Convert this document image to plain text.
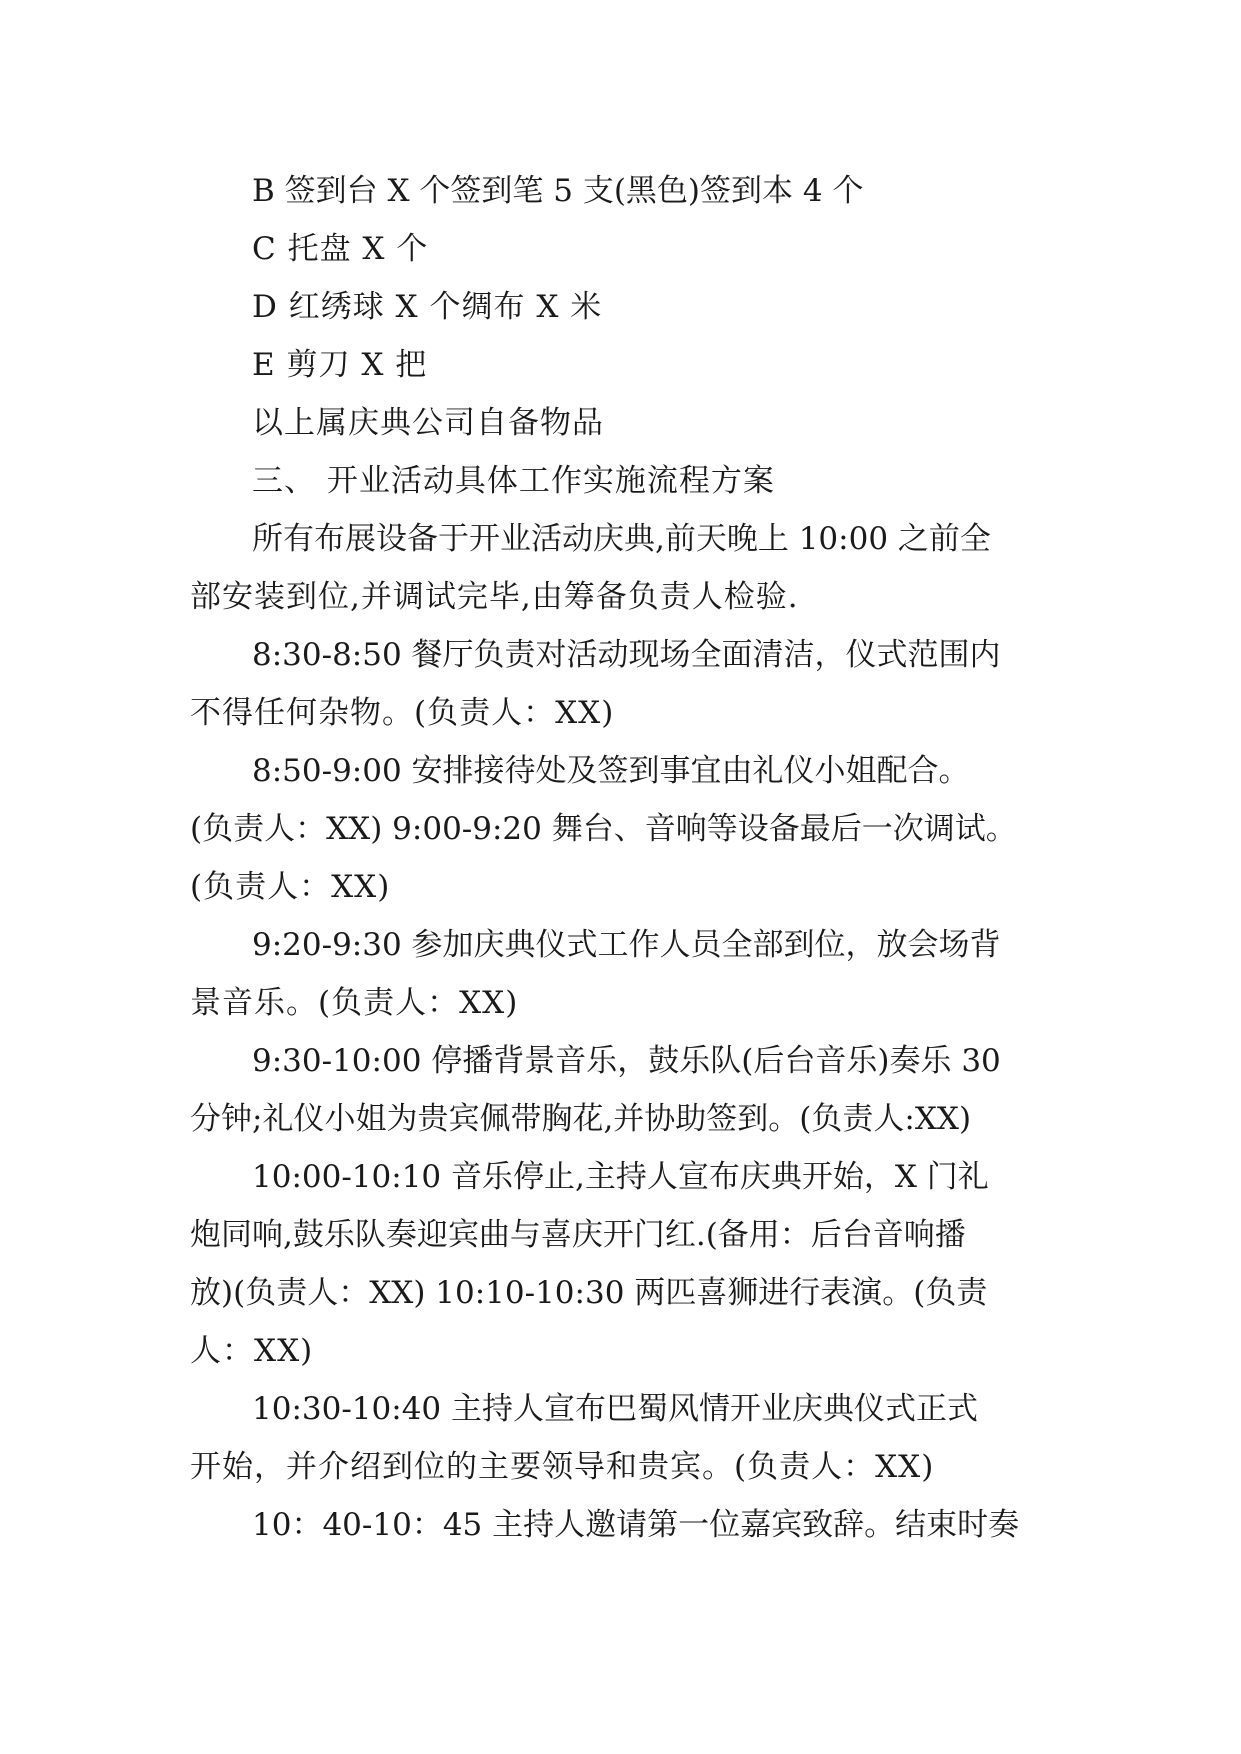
B 签到台 X 个签到笔 5 支(黑色)签到本 4 个
C 托盘 X 个
D 红绣球 X 个绸布 X 米
E 剪刀 X 把
以上属庆典公司自备物品
三、 开业活动具体工作实施流程方案
所有布展设备于开业活动庆典,前天晚上 10:00 之前全
部安装到位,并调试完毕,由筹备负责人检验.
8:30-8:50 餐厅负责对活动现场全面清洁，仪式范围内
不得任何杂物。(负责人：XX)
8:50-9:00 安排接待处及签到事宜由礼仪小姐配合。
(负责人：XX) 9:00-9:20 舞台、音响等设备最后一次调试。
(负责人：XX)
9:20-9:30 参加庆典仪式工作人员全部到位，放会场背
景音乐。(负责人：XX)
9:30-10:00 停播背景音乐，鼓乐队(后台音乐)奏乐 30
分钟;礼仪小姐为贵宾佩带胸花,并协助签到。(负责人:XX)
10:00-10:10 音乐停止,主持人宣布庆典开始，X 门礼
炮同响,鼓乐队奏迎宾曲与喜庆开门红.(备用：后台音响播
放)(负责人：XX) 10:10-10:30 两匹喜狮进行表演。(负责
人：XX)
10:30-10:40 主持人宣布巴蜀风情开业庆典仪式正式
开始，并介绍到位的主要领导和贵宾。(负责人：XX)
10：40-10：45 主持人邀请第一位嘉宾致辞。结束时奏
